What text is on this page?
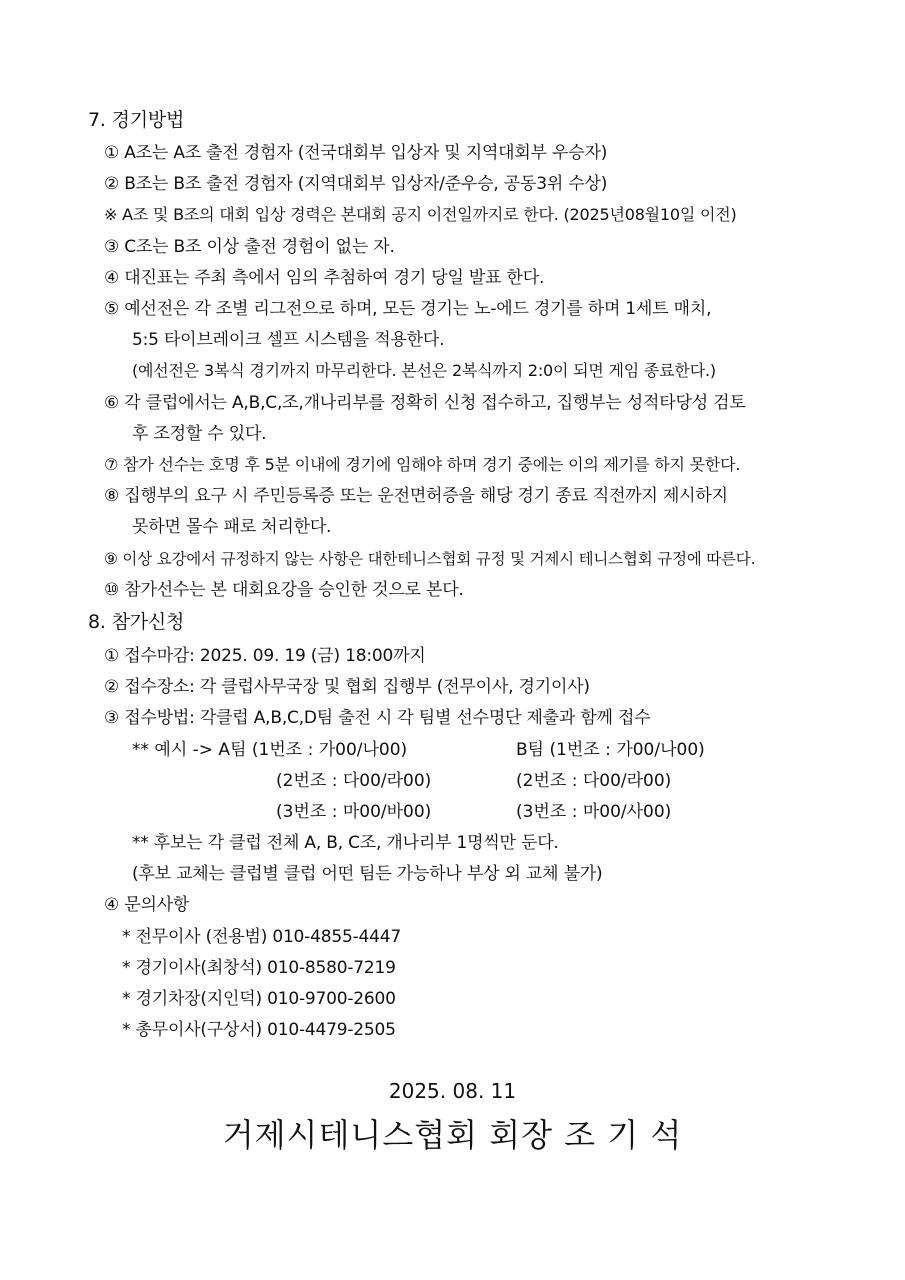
7. 경기방법
① A조는 A조 출전 경험자 (전국대회부 입상자 및 지역대회부 우승자)
② B조는 B조 출전 경험자 (지역대회부 입상자/준우승, 공동3위 수상)
※ A조 및 B조의 대회 입상 경력은 본대회 공지 이전일까지로 한다. (2025년08월10일 이전)
③ C조는 B조 이상 출전 경험이 없는 자.
④ 대진표는 주최 측에서 임의 추첨하여 경기 당일 발표 한다.
⑤ 예선전은 각 조별 리그전으로 하며, 모든 경기는 노-에드 경기를 하며 1세트 매치,
5:5 타이브레이크 셀프 시스템을 적용한다.
(예선전은 3복식 경기까지 마무리한다. 본선은 2복식까지 2:0이 되면 게임 종료한다.)
⑥ 각 클럽에서는 A,B,C,조,개나리부를 정확히 신청 접수하고, 집행부는 성적타당성 검토
후 조정할 수 있다.
⑦ 참가 선수는 호명 후 5분 이내에 경기에 임해야 하며 경기 중에는 이의 제기를 하지 못한다.
⑧ 집행부의 요구 시 주민등록증 또는 운전면허증을 해당 경기 종료 직전까지 제시하지
못하면 몰수 패로 처리한다.
⑨ 이상 요강에서 규정하지 않는 사항은 대한테니스협회 규정 및 거제시 테니스협회 규정에 따른다.
⑩ 참가선수는 본 대회요강을 승인한 것으로 본다.
8. 참가신청
① 접수마감: 2025. 09. 19 (금) 18:00까지
② 접수장소: 각 클럽사무국장 및 협회 집행부 (전무이사, 경기이사)
③ 접수방법: 각클럽 A,B,C,D팀 출전 시 각 팀별 선수명단 제출과 함께 접수
** 예시 -> A팀 (1번조 : 가00/나00)	B팀 (1번조 : 가00/나00)
(2번조 : 다00/라00)	(2번조 : 다00/라00)
(3번조 : 마00/바00)	(3번조 : 마00/사00)
** 후보는 각 클럽 전체 A, B, C조, 개나리부 1명씩만 둔다.
(후보 교체는 클럽별 클럽 어떤 팀든 가능하나 부상 외 교체 불가)
④ 문의사항
* 전무이사 (전용범) 010-4855-4447
* 경기이사(최창석) 010-8580-7219
* 경기차장(지인덕) 010-9700-2600
* 총무이사(구상서) 010-4479-2505
2025. 08. 11
거제시테니스협회 회장 조 기 석
